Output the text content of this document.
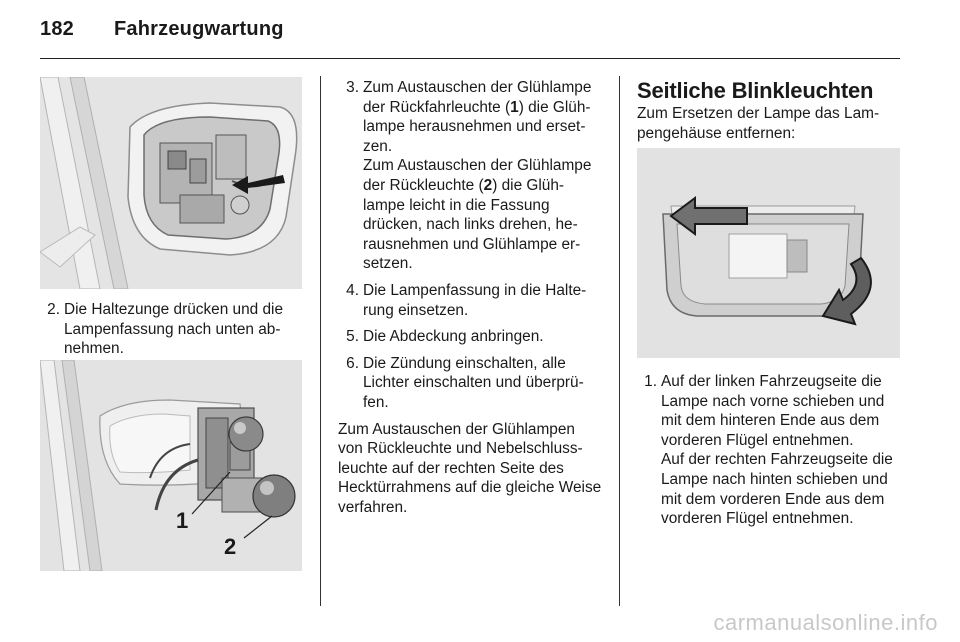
182 Fahrzeugwartung
2. Die Haltezunge drücken und die Lampenfassung nach unten ab-nehmen.
1
2
3. Zum Austauschen der Glühlampe der Rückfahrleuchte (1) die Glüh-lampe herausnehmen und erset-zen.

Zum Austauschen der Glühlampe der Rückleuchte (2) die Glüh-lampe leicht in die Fassung drücken, nach links drehen, he-rausnehmen und Glühlampe er-setzen.

4. Die Lampenfassung in die Halte-rung einsetzen.
5. Die Abdeckung anbringen.
6. Die Zündung einschalten, alle Lichter einschalten und überprü-fen.

Zum Austauschen der Glühlampen von Rückleuchte und Nebelschluss-leuchte auf der rechten Seite des Hecktürrahmens auf die gleiche Weise verfahren.

Seitliche Blinkleuchten

Zum Ersetzen der Lampe das Lam-pengehäuse entfernen:

1. Auf der linken Fahrzeugseite die Lampe nach vorne schieben und mit dem hinteren Ende aus dem vorderen Flügel entnehmen.

Auf der rechten Fahrzeugseite die Lampe nach hinten schieben und mit dem vorderen Ende aus dem vorderen Flügel entnehmen.

carmanualsonline.info
